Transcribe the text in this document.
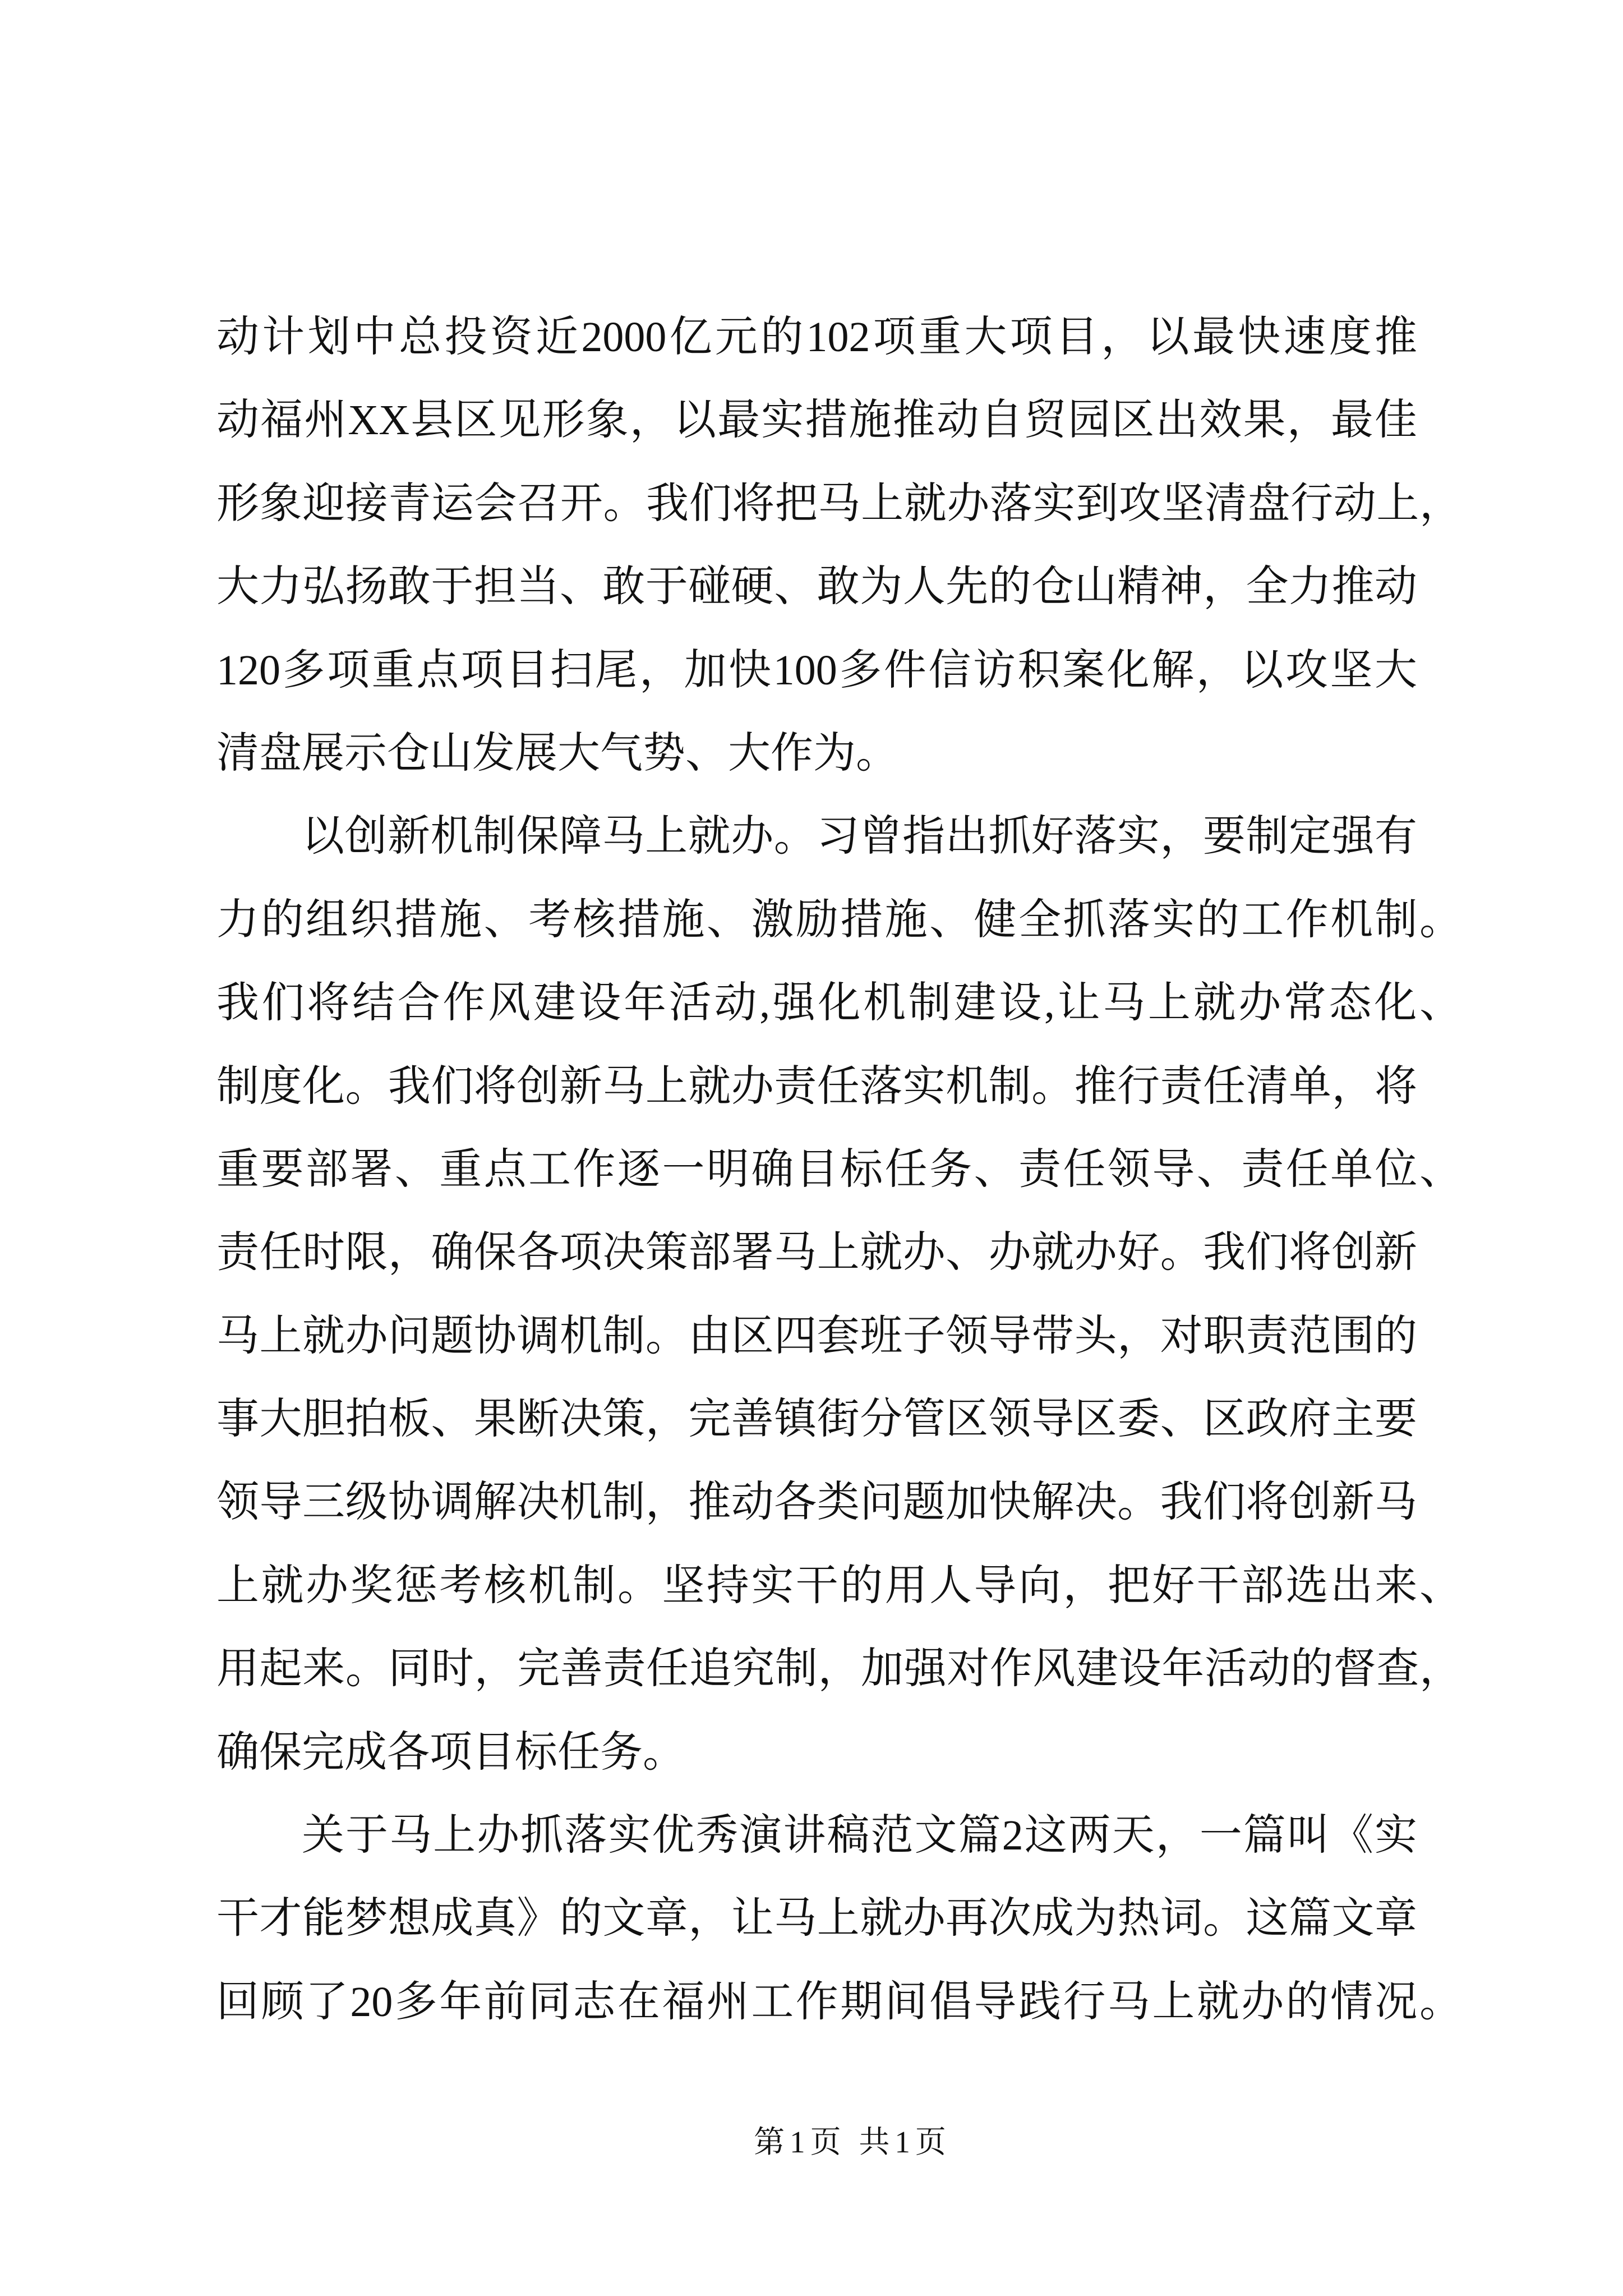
动计划中总投资近2000亿元的102项重大项目，以最快速度推
动福州XX县区见形象，以最实措施推动自贸园区出效果，最佳
形象迎接青运会召开。我们将把马上就办落实到攻坚清盘行动上，
大力弘扬敢于担当、敢于碰硬、敢为人先的仓山精神，全力推动
120多项重点项目扫尾，加快100多件信访积案化解，以攻坚大
清盘展示仓山发展大气势、大作为。
以创新机制保障马上就办。习曾指出抓好落实，要制定强有
力的组织措施、考核措施、激励措施、健全抓落实的工作机制。
我们将结合作风建设年活动,强化机制建设,让马上就办常态化、
制度化。我们将创新马上就办责任落实机制。推行责任清单，将
重要部署、重点工作逐一明确目标任务、责任领导、责任单位、
责任时限，确保各项决策部署马上就办、办就办好。我们将创新
马上就办问题协调机制。由区四套班子领导带头，对职责范围的
事大胆拍板、果断决策，完善镇街分管区领导区委、区政府主要
领导三级协调解决机制，推动各类问题加快解决。我们将创新马
上就办奖惩考核机制。坚持实干的用人导向，把好干部选出来、
用起来。同时，完善责任追究制，加强对作风建设年活动的督查，
确保完成各项目标任务。
关于马上办抓落实优秀演讲稿范文篇2这两天，一篇叫《实
干才能梦想成真》的文章，让马上就办再次成为热词。这篇文章
回顾了20多年前同志在福州工作期间倡导践行马上就办的情况。
第1页 共1页
